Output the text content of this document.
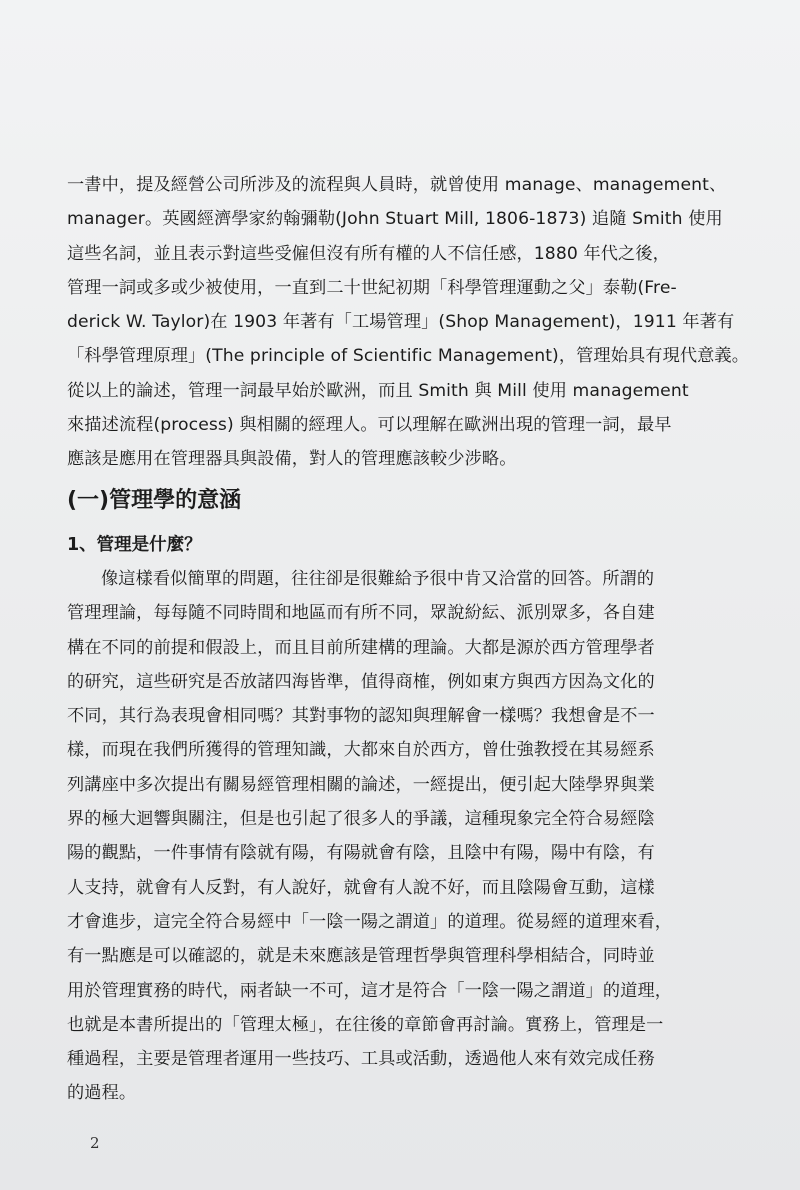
一書中，提及經營公司所涉及的流程與人員時，就曾使用 manage、management、
manager。英國經濟學家約翰彌勒(John Stuart Mill, 1806-1873) 追隨 Smith 使用
這些名詞，並且表示對這些受僱但沒有所有權的人不信任感，1880 年代之後，
管理一詞或多或少被使用，一直到二十世紀初期「科學管理運動之父」泰勒(Fre-
derick W. Taylor)在 1903 年著有「工場管理」(Shop Management)，1911 年著有
「科學管理原理」(The principle of Scientific Management)，管理始具有現代意義。
從以上的論述，管理一詞最早始於歐洲，而且 Smith 與 Mill 使用 management
來描述流程(process) 與相關的經理人。可以理解在歐洲出現的管理一詞，最早
應該是應用在管理器具與設備，對人的管理應該較少涉略。
(一)管理學的意涵
1、管理是什麼？
像這樣看似簡單的問題，往往卻是很難給予很中肯又洽當的回答。所謂的
管理理論，每每隨不同時間和地區而有所不同，眾說紛紜、派別眾多，各自建
構在不同的前提和假設上，而且目前所建構的理論。大都是源於西方管理學者
的研究，這些研究是否放諸四海皆準，值得商榷，例如東方與西方因為文化的
不同，其行為表現會相同嗎？其對事物的認知與理解會一樣嗎？我想會是不一
樣，而現在我們所獲得的管理知識，大都來自於西方，曾仕強教授在其易經系
列講座中多次提出有關易經管理相關的論述，一經提出，便引起大陸學界與業
界的極大迴響與關注，但是也引起了很多人的爭議，這種現象完全符合易經陰
陽的觀點，一件事情有陰就有陽，有陽就會有陰，且陰中有陽，陽中有陰，有
人支持，就會有人反對，有人說好，就會有人說不好，而且陰陽會互動，這樣
才會進步，這完全符合易經中「一陰一陽之謂道」的道理。從易經的道理來看，
有一點應是可以確認的，就是未來應該是管理哲學與管理科學相結合，同時並
用於管理實務的時代，兩者缺一不可，這才是符合「一陰一陽之謂道」的道理，
也就是本書所提出的「管理太極」，在往後的章節會再討論。實務上，管理是一
種過程，主要是管理者運用一些技巧、工具或活動，透過他人來有效完成任務
的過程。
2
